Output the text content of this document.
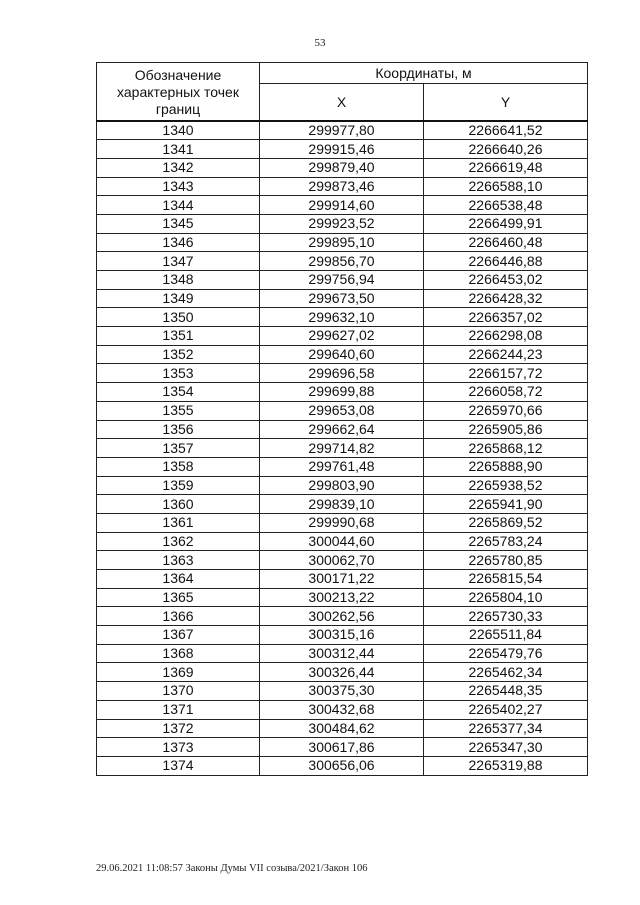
53
Обозначение характерных точек границ	Координаты, м	
	X	Y
1340	299977,80	2266641,52
1341	299915,46	2266640,26
1342	299879,40	2266619,48
1343	299873,46	2266588,10
1344	299914,60	2266538,48
1345	299923,52	2266499,91
1346	299895,10	2266460,48
1347	299856,70	2266446,88
1348	299756,94	2266453,02
1349	299673,50	2266428,32
1350	299632,10	2266357,02
1351	299627,02	2266298,08
1352	299640,60	2266244,23
1353	299696,58	2266157,72
1354	299699,88	2266058,72
1355	299653,08	2265970,66
1356	299662,64	2265905,86
1357	299714,82	2265868,12
1358	299761,48	2265888,90
1359	299803,90	2265938,52
1360	299839,10	2265941,90
1361	299990,68	2265869,52
1362	300044,60	2265783,24
1363	300062,70	2265780,85
1364	300171,22	2265815,54
1365	300213,22	2265804,10
1366	300262,56	2265730,33
1367	300315,16	2265511,84
1368	300312,44	2265479,76
1369	300326,44	2265462,34
1370	300375,30	2265448,35
1371	300432,68	2265402,27
1372	300484,62	2265377,34
1373	300617,86	2265347,30
1374	300656,06	2265319,88
29.06.2021 11:08:57 Законы Думы VII созыва/2021/Закон 106
